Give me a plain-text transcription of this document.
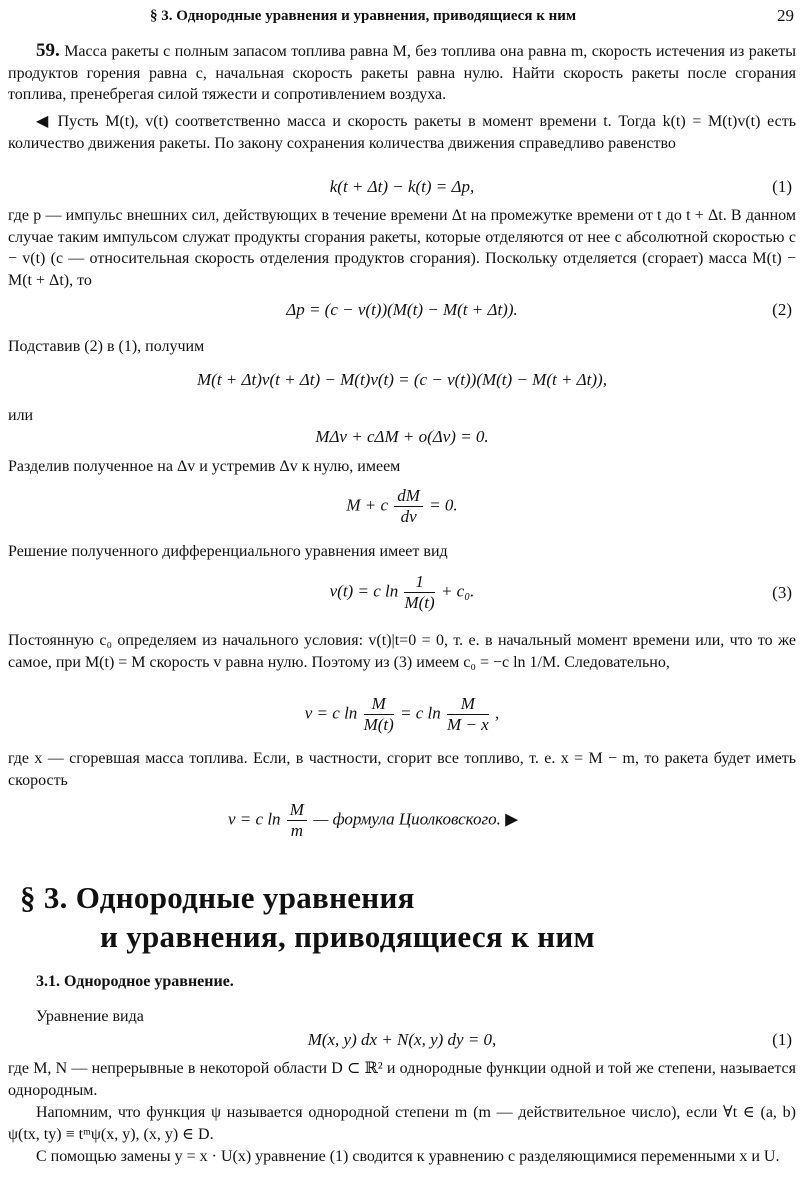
§ 3. Однородные уравнения и уравнения, приводящиеся к ним	29
59. Масса ракеты с полным запасом топлива равна M, без топлива она равна m, скорость истечения из ракеты продуктов горения равна c, начальная скорость ракеты равна нулю. Найти скорость ракеты после сгорания топлива, пренебрегая силой тяжести и сопротивлением воздуха.
◀ Пусть M(t), v(t) соответственно масса и скорость ракеты в момент времени t. Тогда k(t) = M(t)v(t) есть количество движения ракеты. По закону сохранения количества движения справедливо равенство
k(t + Δt) − k(t) = Δp,	(1)
где p — импульс внешних сил, действующих в течение времени Δt на промежутке времени от t до t + Δt. В данном случае таким импульсом служат продукты сгорания ракеты, которые отделяются от нее с абсолютной скоростью c − v(t) (c — относительная скорость отделения продуктов сгорания). Поскольку отделяется (сгорает) масса M(t) − M(t + Δt), то
Δp = (c − v(t))(M(t) − M(t + Δt)).	(2)
Подставив (2) в (1), получим
M(t + Δt)v(t + Δt) − M(t)v(t) = (c − v(t))(M(t) − M(t + Δt)),
или
MΔv + cΔM + o(Δv) = 0.
Разделив полученное на Δv и устремив Δv к нулю, имеем
M + c $\frac{dM}{dv} = 0$.
Решение полученного дифференциального уравнения имеет вид
v(t) = c $\ln \frac{1}{M(t)} + c_0$.	(3)
Постоянную c₀ определяем из начального условия: v(t)|t=0 = 0, т. е. в начальный момент времени или, что то же самое, при M(t) = M скорость v равна нулю. Поэтому из (3) имеем c₀ = −c ln 1/M. Следовательно,
v = c $\ln \frac{M}{M(t)} = c$ $\ln \frac{M}{M - x}$ ,
где x — сгоревшая масса топлива. Если, в частности, сгорит все топливо, т. е. x = M − m, то ракета будет иметь скорость
v = c $\ln \frac{M}{m}$ — формула Циолковского. ▶
§ 3. Однородные уравнения
и уравнения, приводящиеся к ним
3.1. Однородное уравнение.
Уравнение вида
M(x, y) dx + N(x, y) dy = 0,	(1)
где M, N — непрерывные в некоторой области D ⊂ ℝ² и однородные функции одной и той же степени, называется однородным.
Напомним, что функция ψ называется однородной степени m (m — действительное число), если ∀t ∈ (a, b) ψ(tx, ty) ≡ tᵐψ(x, y), (x, y) ∈ D.
С помощью замены y = x · U(x) уравнение (1) сводится к уравнению с разделяющимися переменными x и U.
